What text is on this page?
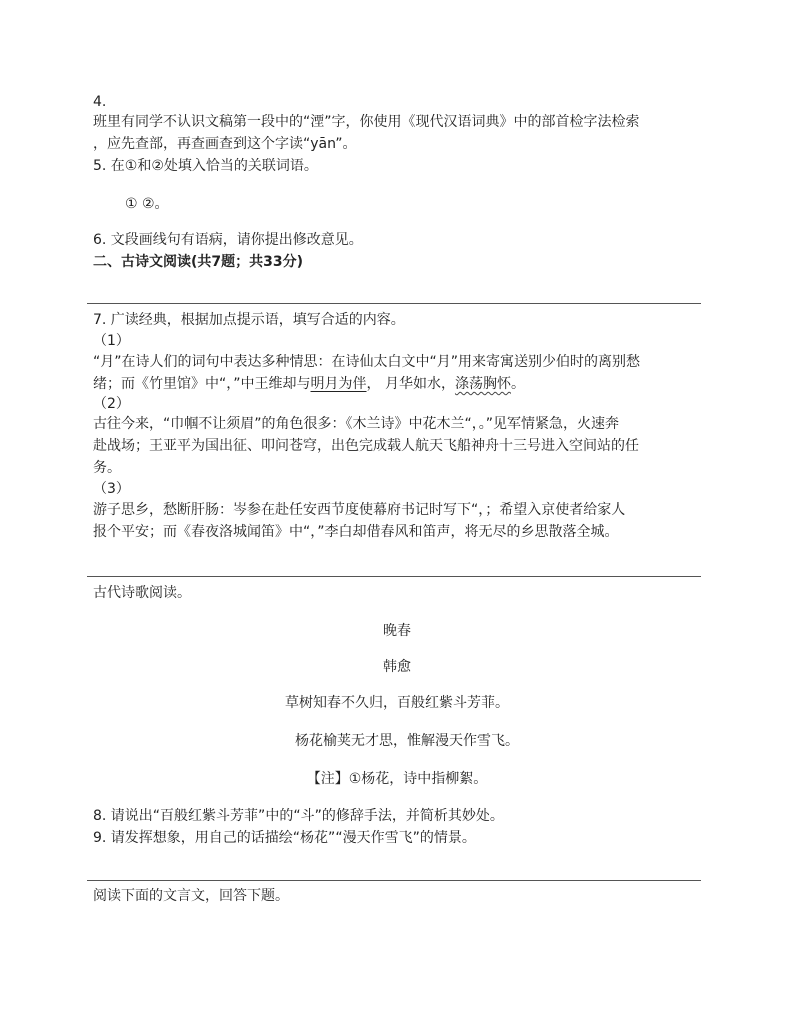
4.
班里有同学不认识文稿第一段中的“湮”字，你使用《现代汉语词典》中的部首检字法检索
，应先查部，再查画查到这个字读“yān”。
5. 在①和②处填入恰当的关联词语。
① ②。
6. 文段画线句有语病，请你提出修改意见。
二、古诗文阅读(共7题；共33分)
7. 广读经典，根据加点提示语，填写合适的内容。
（1）
“月”在诗人们的词句中表达多种情思：在诗仙太白文中“月”用来寄寓送别少伯时的离别愁
绪；而《竹里馆》中“，”中王维却与明月为伴， 月华如水，涤荡胸怀。
（2）
古往今来，“巾帼不让须眉”的角色很多：《木兰诗》中花木兰“，。”见军情紧急，火速奔
赴战场；王亚平为国出征、叩问苍穹，出色完成载人航天飞船神舟十三号进入空间站的任
务。
（3）
游子思乡，愁断肝肠：岑参在赴任安西节度使幕府书记时写下“，；希望入京使者给家人
报个平安；而《春夜洛城闻笛》中“，”李白却借春风和笛声，将无尽的乡思散落全城。
古代诗歌阅读。
晚春
韩愈
草树知春不久归，百般红紫斗芳菲。
杨花榆荚无才思，惟解漫天作雪飞。
【注】①杨花，诗中指柳絮。
8. 请说出“百般红紫斗芳菲”中的“斗”的修辞手法，并简析其妙处。
9. 请发挥想象，用自己的话描绘“杨花”“漫天作雪飞”的情景。
阅读下面的文言文，回答下题。
